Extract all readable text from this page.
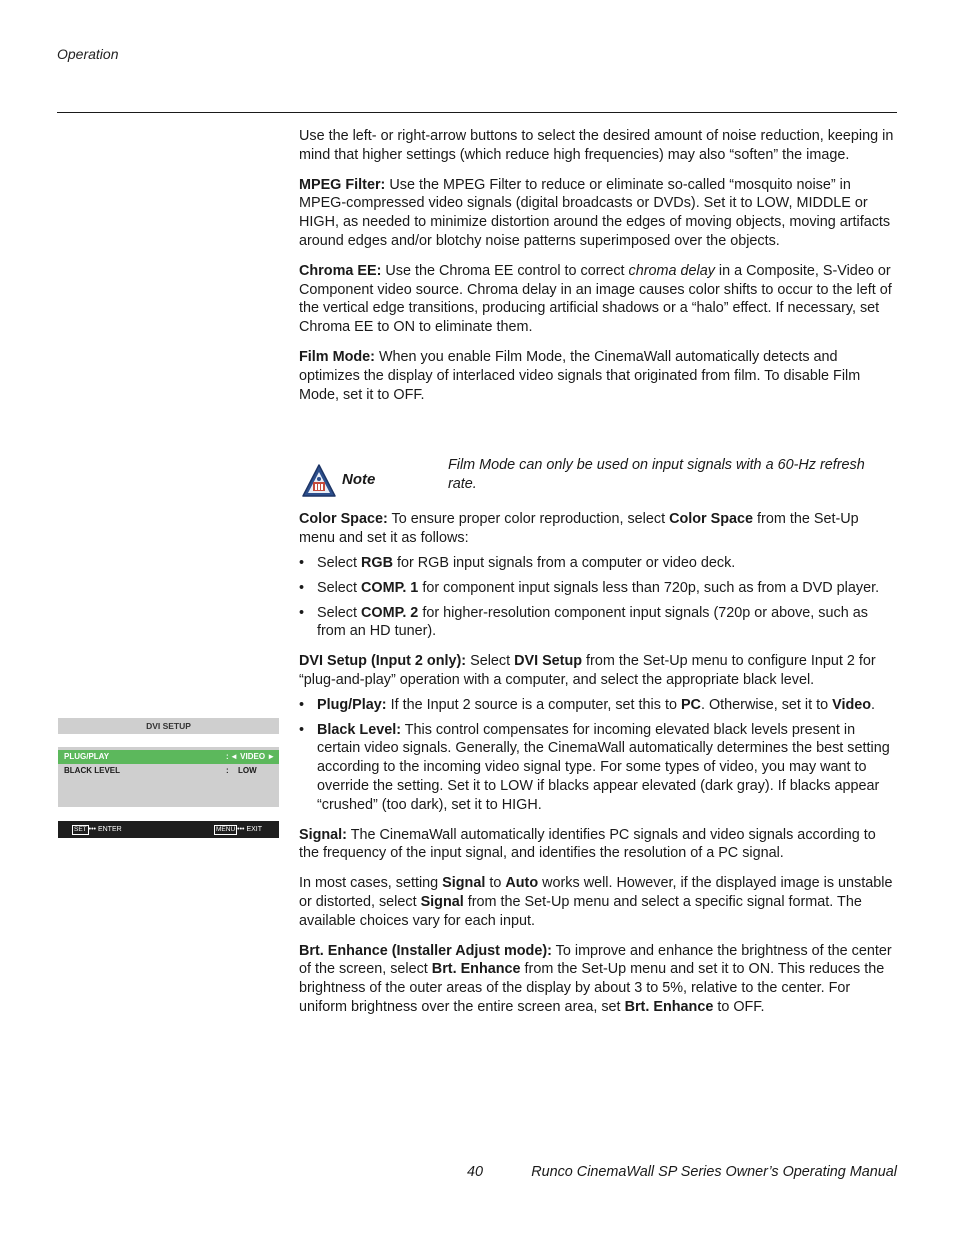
Operation

Use the left- or right-arrow buttons to select the desired amount of noise reduction, keeping in mind that higher settings (which reduce high frequencies) may also “soften” the image.

MPEG Filter: Use the MPEG Filter to reduce or eliminate so-called “mosquito noise” in MPEG-compressed video signals (digital broadcasts or DVDs). Set it to LOW, MIDDLE or HIGH, as needed to minimize distortion around the edges of moving objects, moving artifacts around edges and/or blotchy noise patterns superimposed over the objects.

Chroma EE: Use the Chroma EE control to correct chroma delay in a Composite, S-Video or Component video source. Chroma delay in an image causes color shifts to occur to the left of the vertical edge transitions, producing artificial shadows or a “halo” effect. If necessary, set Chroma EE to ON to eliminate them.

Film Mode: When you enable Film Mode, the CinemaWall automatically detects and optimizes the display of interlaced video signals that originated from film. To disable Film Mode, set it to OFF.

Color Space: To ensure proper color reproduction, select Color Space from the Set-Up menu and set it as follows:

• Select RGB for RGB input signals from a computer or video deck.
• Select COMP. 1 for component input signals less than 720p, such as from a DVD player.
• Select COMP. 2 for higher-resolution component input signals (720p or above, such as from an HD tuner).

DVI Setup (Input 2 only): Select DVI Setup from the Set-Up menu to configure Input 2 for “plug-and-play” operation with a computer, and select the appropriate black level.

• Plug/Play: If the Input 2 source is a computer, set this to PC. Otherwise, set it to Video.
• Black Level: This control compensates for incoming elevated black levels present in certain video signals. Generally, the CinemaWall automatically determines the best setting according to the incoming video signal type. For some types of video, you may want to override the setting. Set it to LOW if blacks appear elevated (dark gray). If blacks appear “crushed” (too dark), set it to HIGH.

Signal: The CinemaWall automatically identifies PC signals and video signals according to the frequency of the input signal, and identifies the resolution of a PC signal.

In most cases, setting Signal to Auto works well. However, if the displayed image is unstable or distorted, select Signal from the Set-Up menu and select a specific signal format. The available choices vary for each input.

Brt. Enhance (Installer Adjust mode): To improve and enhance the brightness of the center of the screen, select Brt. Enhance from the Set-Up menu and set it to ON. This reduces the brightness of the outer areas of the display by about 3 to 5%, relative to the center. For uniform brightness over the entire screen area, set Brt. Enhance to OFF.

Note
Film Mode can only be used on input signals with a 60-Hz refresh rate.
DVI SETUP
PLUG/PLAY	: ◄ VIDEO ►
BLACK LEVEL	: LOW
SET ••• ENTER	MENU ••• EXIT
40	Runco CinemaWall SP Series Owner’s Operating Manual
